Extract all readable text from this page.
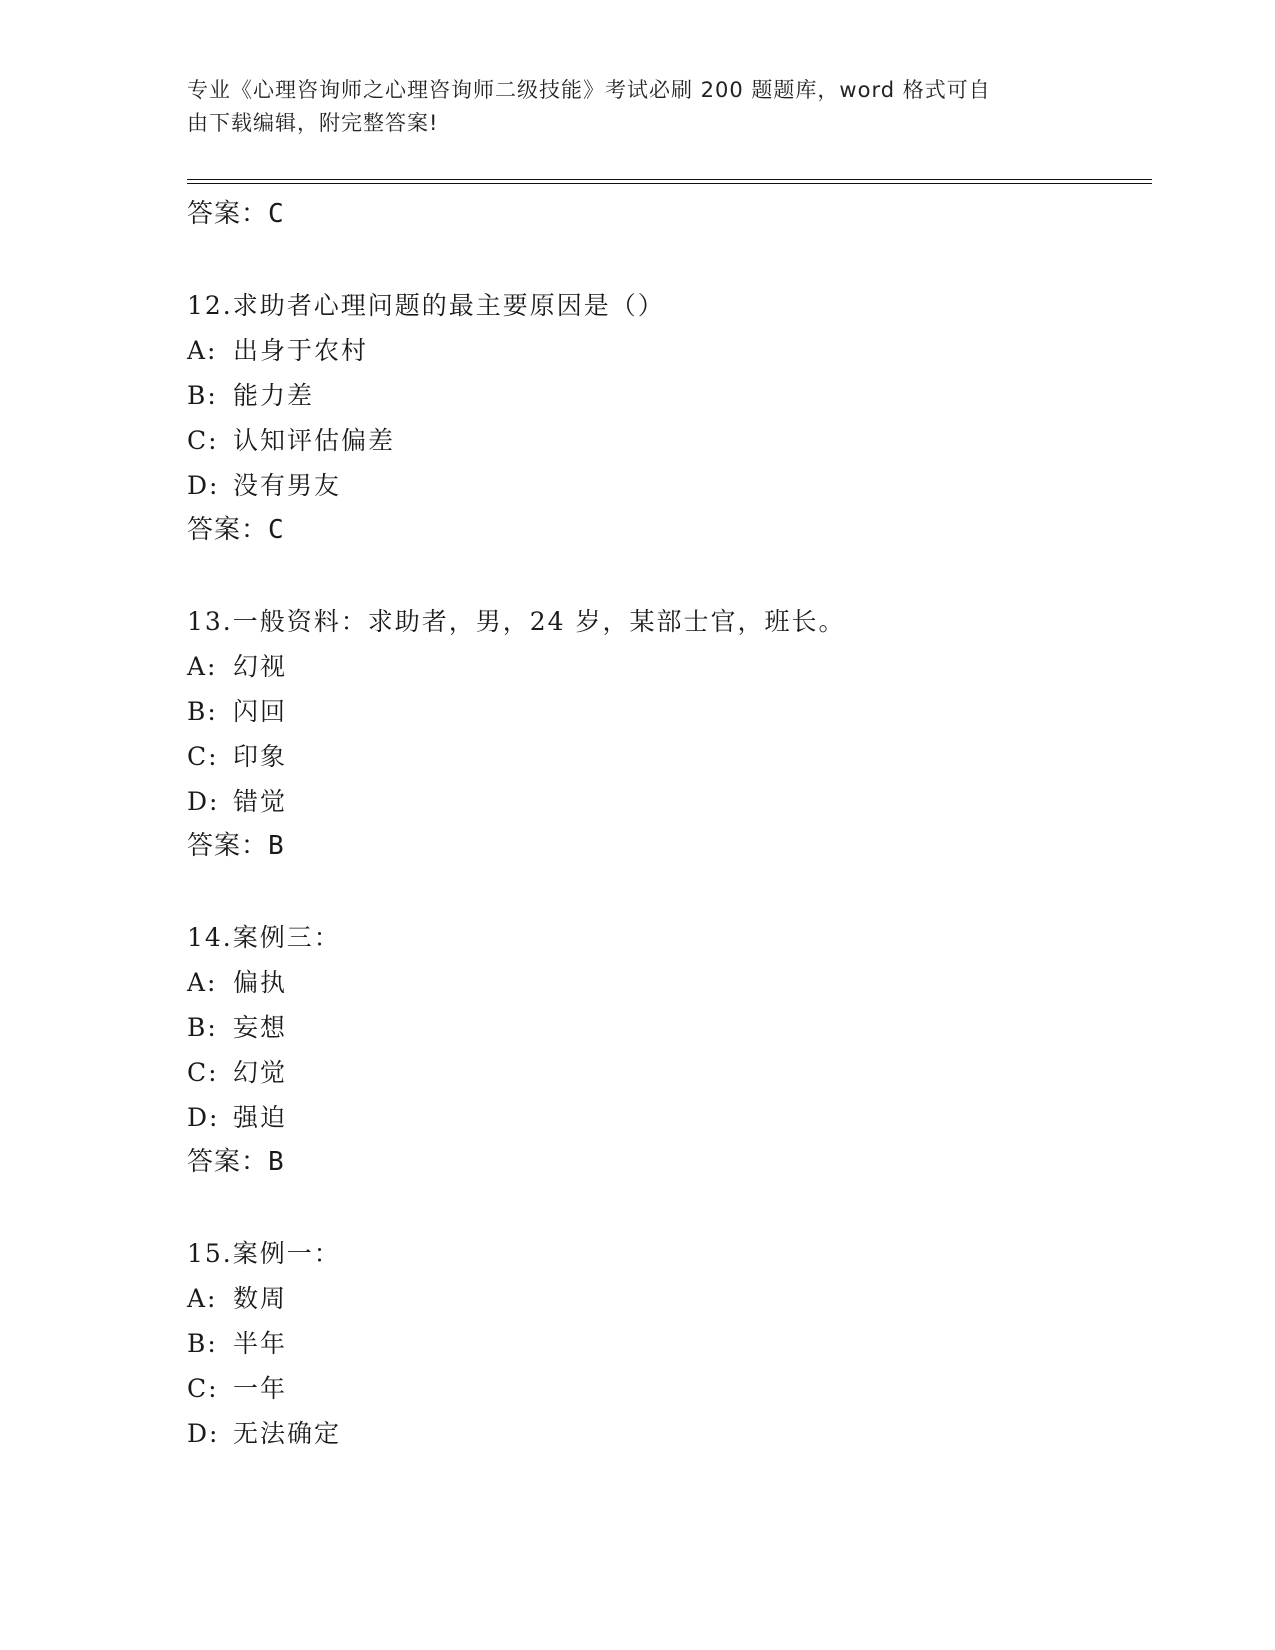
专业《心理咨询师之心理咨询师二级技能》考试必刷 200 题题库，word 格式可自
由下载编辑，附完整答案!
答案：C
12.求助者心理问题的最主要原因是（）
A: 出身于农村
B: 能力差
C: 认知评估偏差
D: 没有男友
答案：C
13.一般资料：求助者，男，24 岁，某部士官，班长。
A: 幻视
B: 闪回
C: 印象
D: 错觉
答案：B
14.案例三：
A: 偏执
B: 妄想
C: 幻觉
D: 强迫
答案：B
15.案例一：
A: 数周
B: 半年
C: 一年
D: 无法确定
